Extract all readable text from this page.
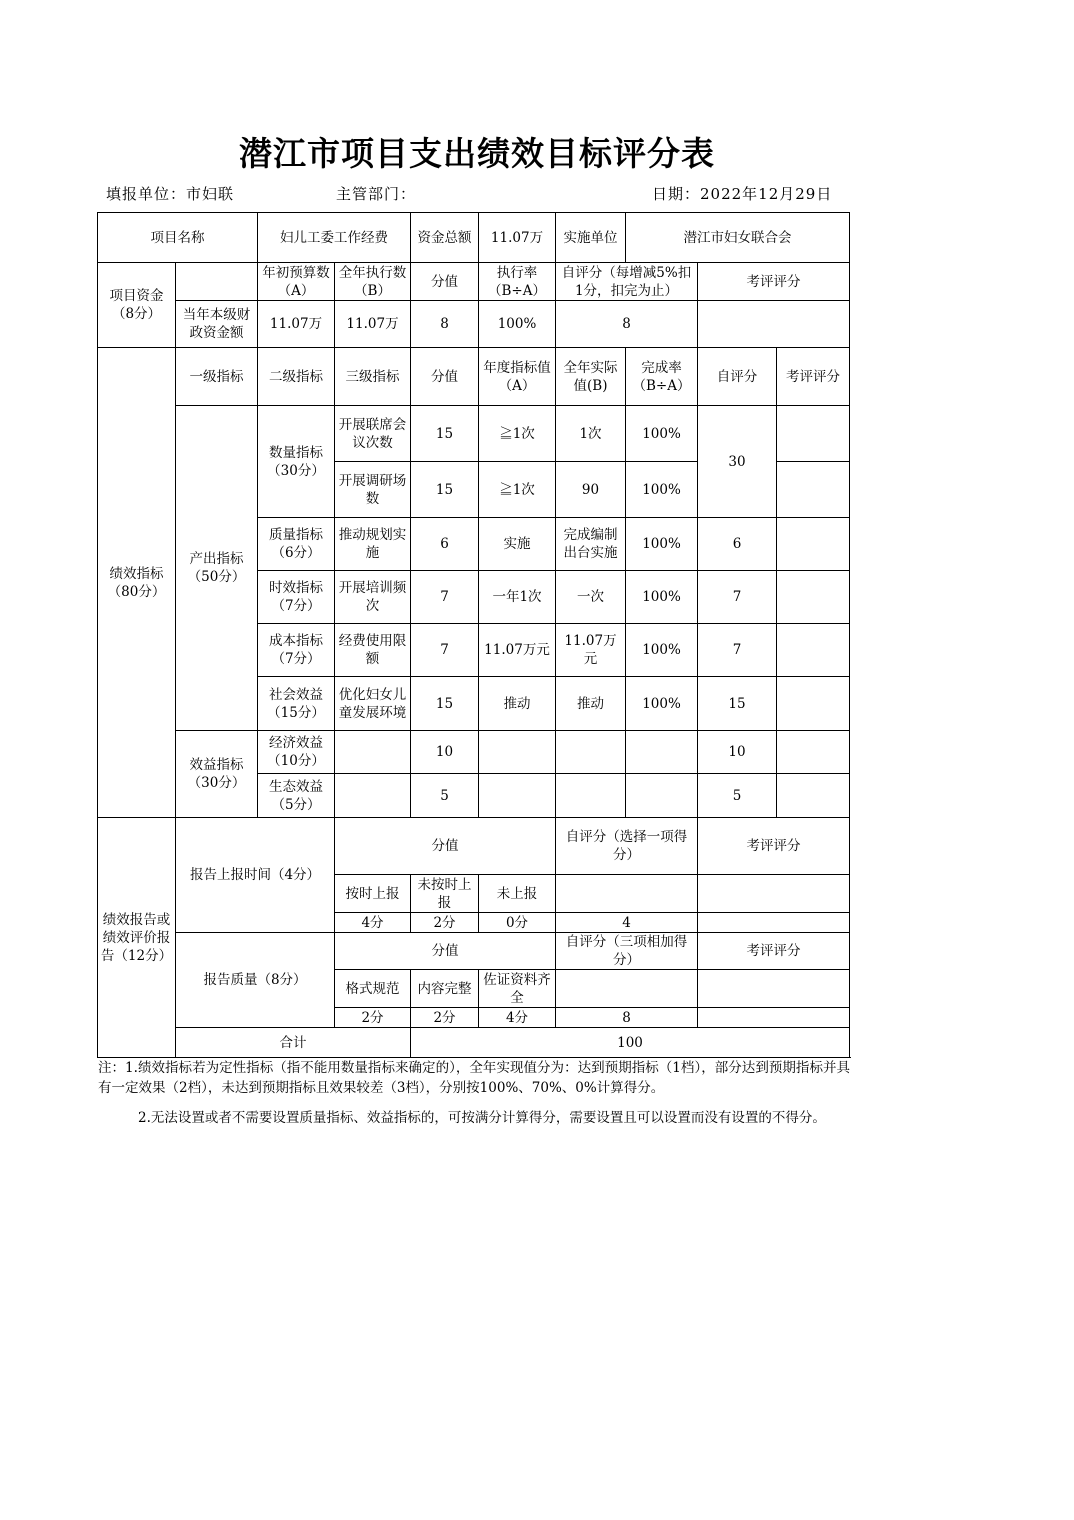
潜江市项目支出绩效目标评分表
填报单位：市妇联	主管部门：	日期：2022年12月29日
项目名称		妇儿工委工作经费		资金总额	11.07万	实施单位	潜江市妇女联合会		
项目资金（8分）		年初预算数（A）	全年执行数（B）	分值	执行率（B÷A）	自评分（每增减5%扣1分，扣完为止）		考评评分	
	当年本级财政资金额	11.07万	11.07万	8	100%	8			
绩效指标（80分）	一级指标	二级指标	三级指标	分值	年度指标值（A）	全年实际值(B)	完成率（B÷A）	自评分	考评评分
	产出指标（50分）	数量指标（30分）	开展联席会议次数	15	≧1次	1次	100%	30	
			开展调研场数	15	≧1次	90	100%		
		质量指标（6分）	推动规划实施	6	实施	完成编制出台实施	100%	6	
		时效指标（7分）	开展培训频次	7	一年1次	一次	100%	7	
		成本指标（7分）	经费使用限额	7	11.07万元	11.07万元	100%	7	
		社会效益（15分）	优化妇女儿童发展环境	15	推动	推动	100%	15	
	效益指标（30分）	经济效益（10分）		10				10	
		生态效益（5分）		5				5	
绩效报告或绩效评价报告（12分）	报告上报时间（4分）		分值			自评分（选择一项得分）		考评评分	
			按时上报	未按时上报	未上报				
			4分	2分	0分	4			
	报告质量（8分）		分值			自评分（三项相加得分）		考评评分	
			格式规范	内容完整	佐证资料齐全				
			2分	2分	4分	8			
	合计			100					

注：1.绩效指标若为定性指标（指不能用数量指标来确定的），全年实现值分为：达到预期指标（1档），部分达到预期指标并具有一定效果（2档），未达到预期指标且效果较差（3档），分别按100%、70%、0%计算得分。

2.无法设置或者不需要设置质量指标、效益指标的，可按满分计算得分，需要设置且可以设置而没有设置的不得分。
